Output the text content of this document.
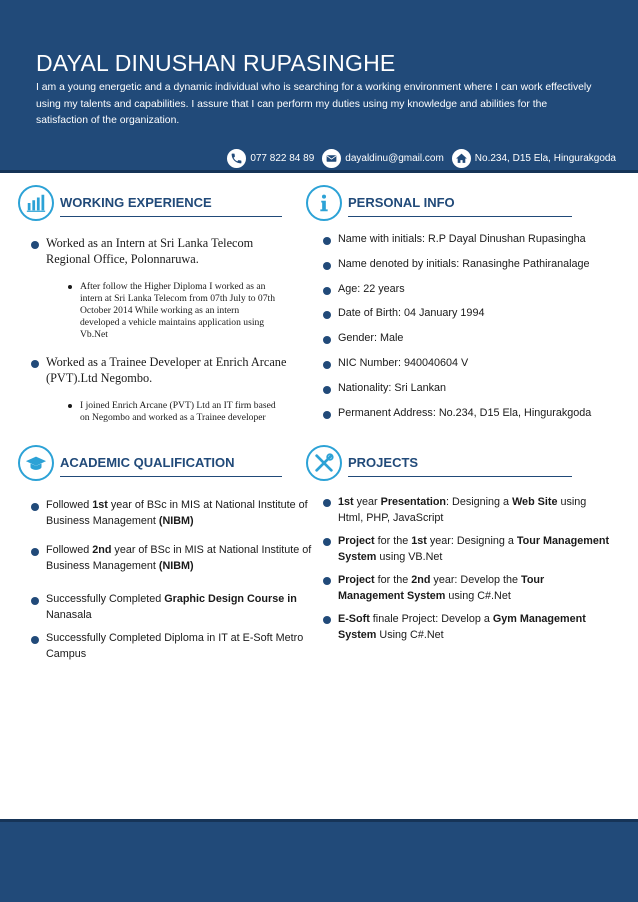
DAYAL DINUSHAN RUPASINGHE
I am a young energetic and a dynamic individual who is searching for a working environment where I can work effectively using my talents and capabilities. I assure that I can perform my duties using my knowledge and abilities for the satisfaction of the organization.
077 822 84 89	dayaldinu@gmail.com	No.234, D15 Ela, Hingurakgoda
WORKING EXPERIENCE
Worked as an Intern at Sri Lanka Telecom Regional Office, Polonnaruwa.
After follow the Higher Diploma I worked as an intern at Sri Lanka Telecom from 07th July to 07th October 2014 While working as an intern developed a vehicle maintains application using Vb.Net
Worked as a Trainee Developer at Enrich Arcane (PVT).Ltd Negombo.
I joined Enrich Arcane (PVT) Ltd an IT firm based on Negombo and worked as a Trainee developer
PERSONAL INFO
Name with initials: R.P Dayal Dinushan Rupasingha
Name denoted by initials: Ranasinghe Pathiranalage
Age: 22 years
Date of Birth: 04 January 1994
Gender: Male
NIC Number: 940040604 V
Nationality: Sri Lankan
Permanent Address: No.234, D15 Ela, Hingurakgoda
ACADEMIC QUALIFICATION
Followed 1st year of BSc in MIS at National Institute of Business Management (NIBM)
Followed 2nd year of BSc in MIS at National Institute of Business Management (NIBM)
Successfully Completed Graphic Design Course in Nanasala
Successfully Completed Diploma in IT at E-Soft Metro Campus
PROJECTS
1st year Presentation: Designing a Web Site using Html, PHP, JavaScript
Project for the 1st year: Designing a Tour Management System using VB.Net
Project for the 2nd year: Develop the Tour Management System using C#.Net
E-Soft finale Project: Develop a Gym Management System Using C#.Net
